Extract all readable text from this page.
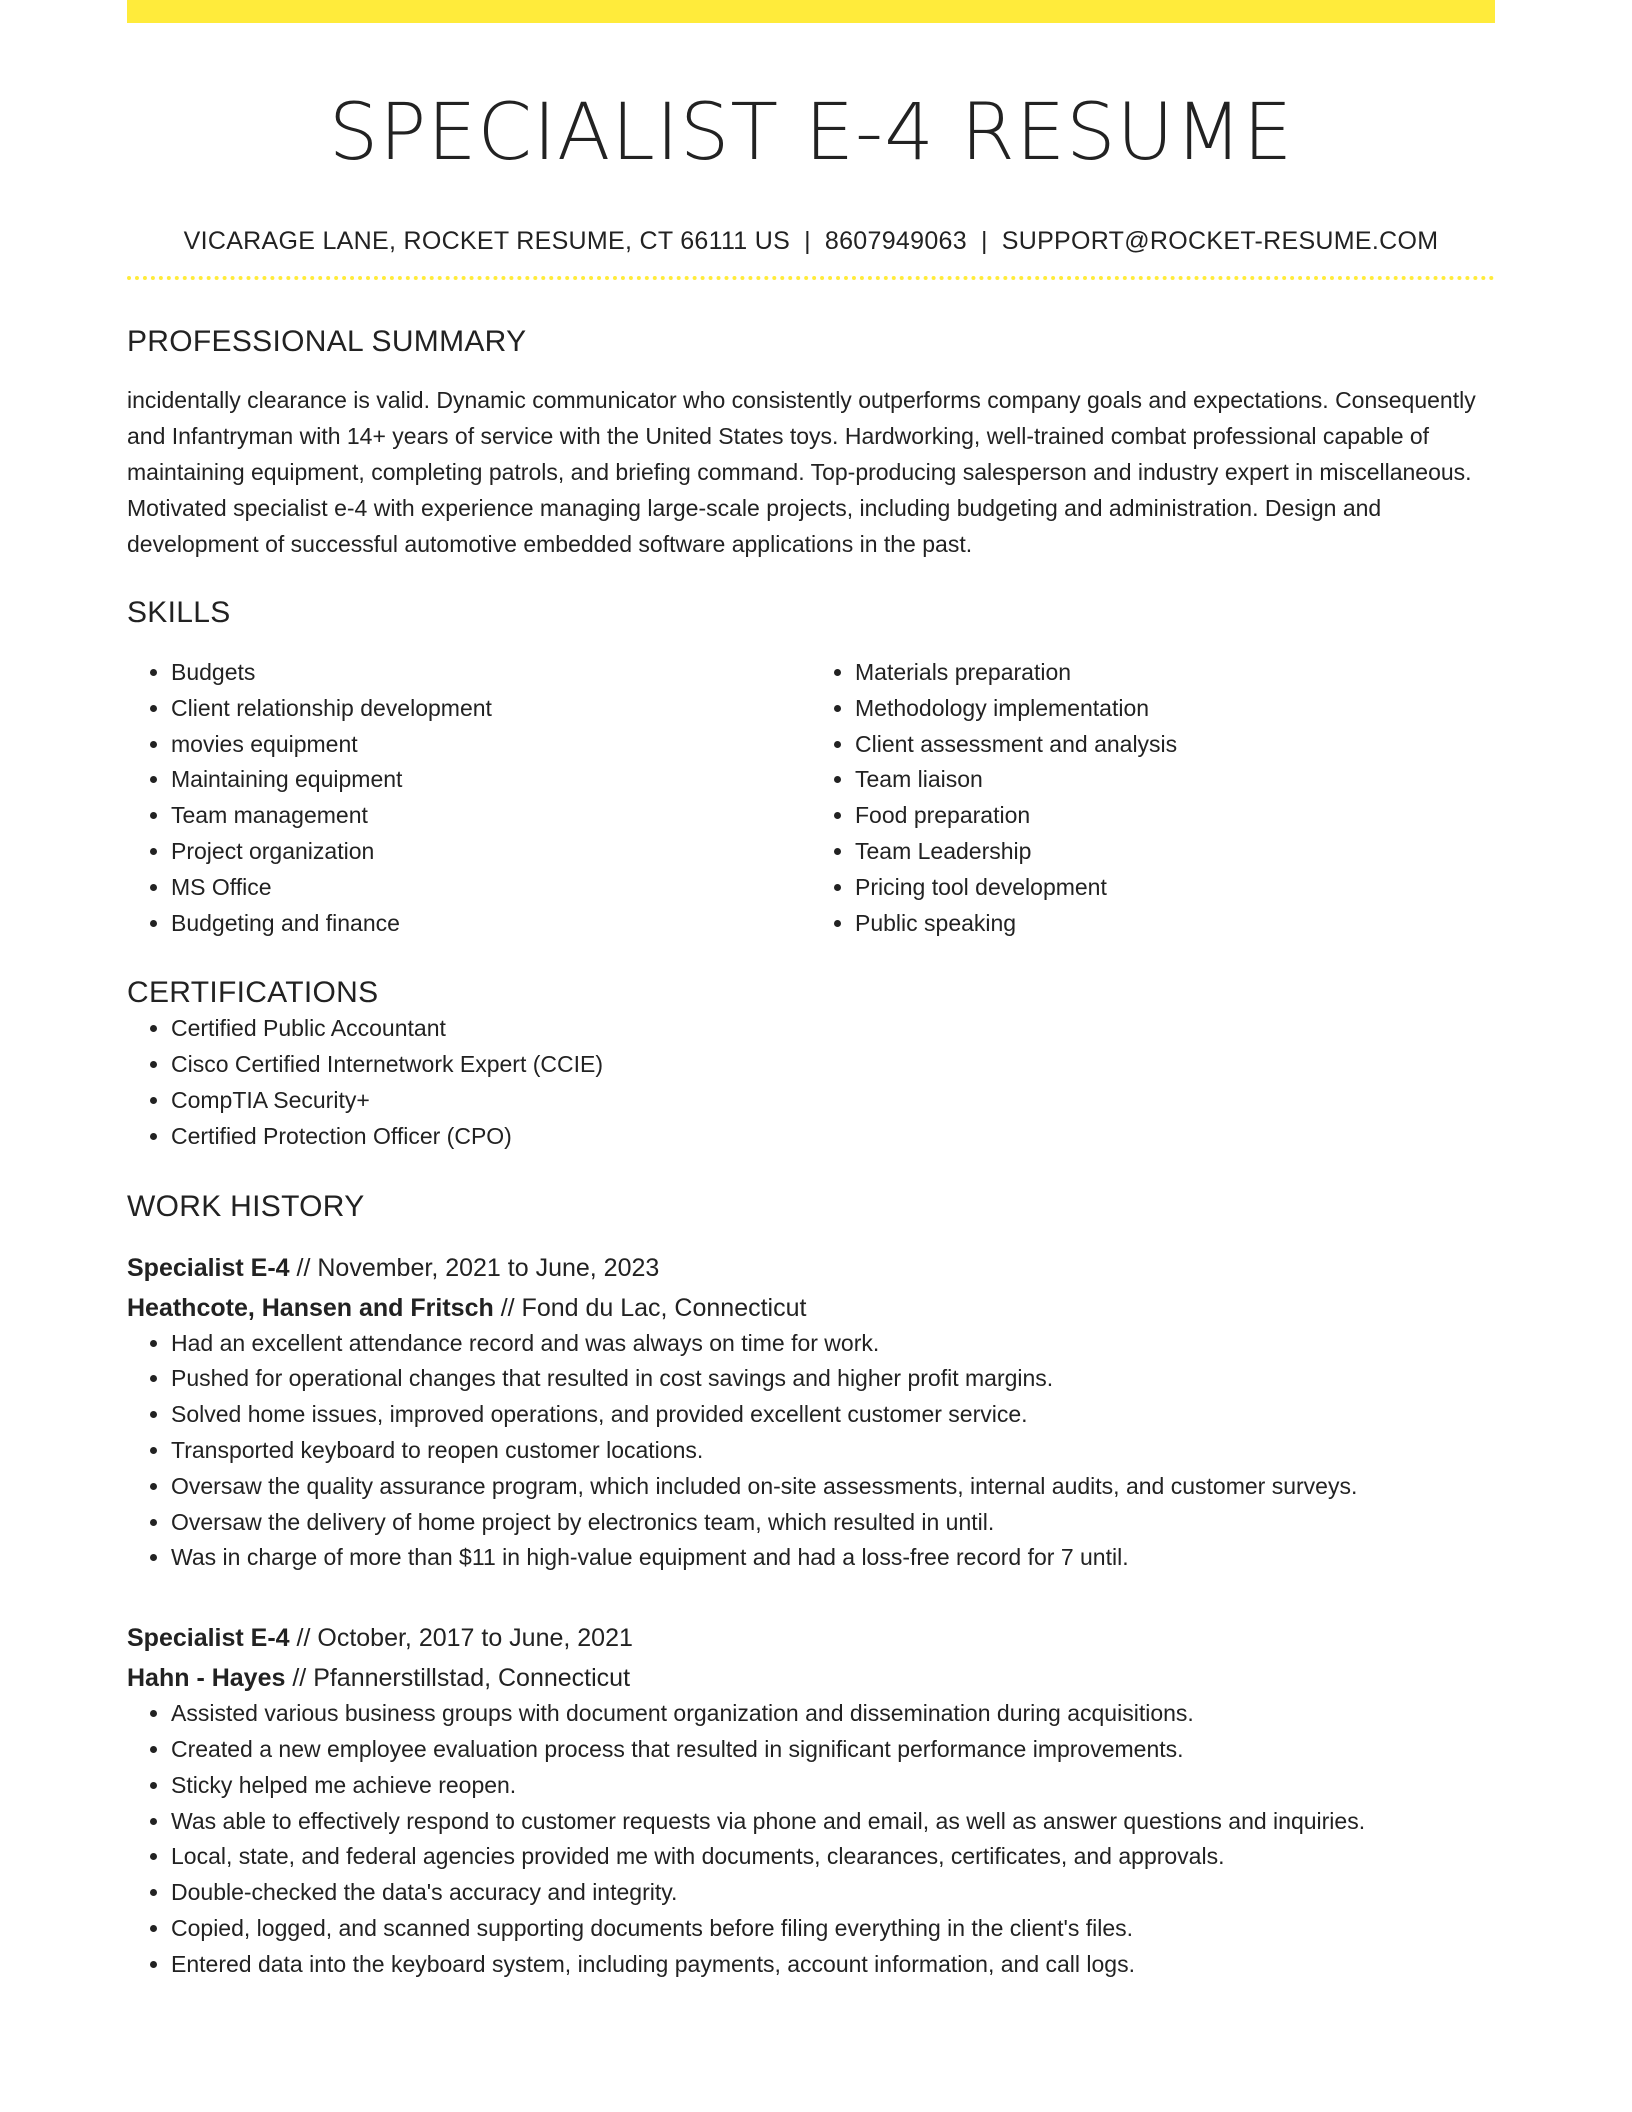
SPECIALIST E-4 RESUME
VICARAGE LANE, ROCKET RESUME, CT 66111 US | 8607949063 | SUPPORT@ROCKET-RESUME.COM
PROFESSIONAL SUMMARY
incidentally clearance is valid. Dynamic communicator who consistently outperforms company goals and expectations. Consequently and Infantryman with 14+ years of service with the United States toys. Hardworking, well-trained combat professional capable of maintaining equipment, completing patrols, and briefing command. Top-producing salesperson and industry expert in miscellaneous. Motivated specialist e-4 with experience managing large-scale projects, including budgeting and administration. Design and development of successful automotive embedded software applications in the past.
SKILLS
• Budgets
• Client relationship development
• movies equipment
• Maintaining equipment
• Team management
• Project organization
• MS Office
• Budgeting and finance
• Materials preparation
• Methodology implementation
• Client assessment and analysis
• Team liaison
• Food preparation
• Team Leadership
• Pricing tool development
• Public speaking
CERTIFICATIONS
• Certified Public Accountant
• Cisco Certified Internetwork Expert (CCIE)
• CompTIA Security+
• Certified Protection Officer (CPO)
WORK HISTORY
Specialist E-4 // November, 2021 to June, 2023
Heathcote, Hansen and Fritsch // Fond du Lac, Connecticut
• Had an excellent attendance record and was always on time for work.
• Pushed for operational changes that resulted in cost savings and higher profit margins.
• Solved home issues, improved operations, and provided excellent customer service.
• Transported keyboard to reopen customer locations.
• Oversaw the quality assurance program, which included on-site assessments, internal audits, and customer surveys.
• Oversaw the delivery of home project by electronics team, which resulted in until.
• Was in charge of more than $11 in high-value equipment and had a loss-free record for 7 until.
Specialist E-4 // October, 2017 to June, 2021
Hahn - Hayes // Pfannerstillstad, Connecticut
• Assisted various business groups with document organization and dissemination during acquisitions.
• Created a new employee evaluation process that resulted in significant performance improvements.
• Sticky helped me achieve reopen.
• Was able to effectively respond to customer requests via phone and email, as well as answer questions and inquiries.
• Local, state, and federal agencies provided me with documents, clearances, certificates, and approvals.
• Double-checked the data's accuracy and integrity.
• Copied, logged, and scanned supporting documents before filing everything in the client's files.
• Entered data into the keyboard system, including payments, account information, and call logs.
